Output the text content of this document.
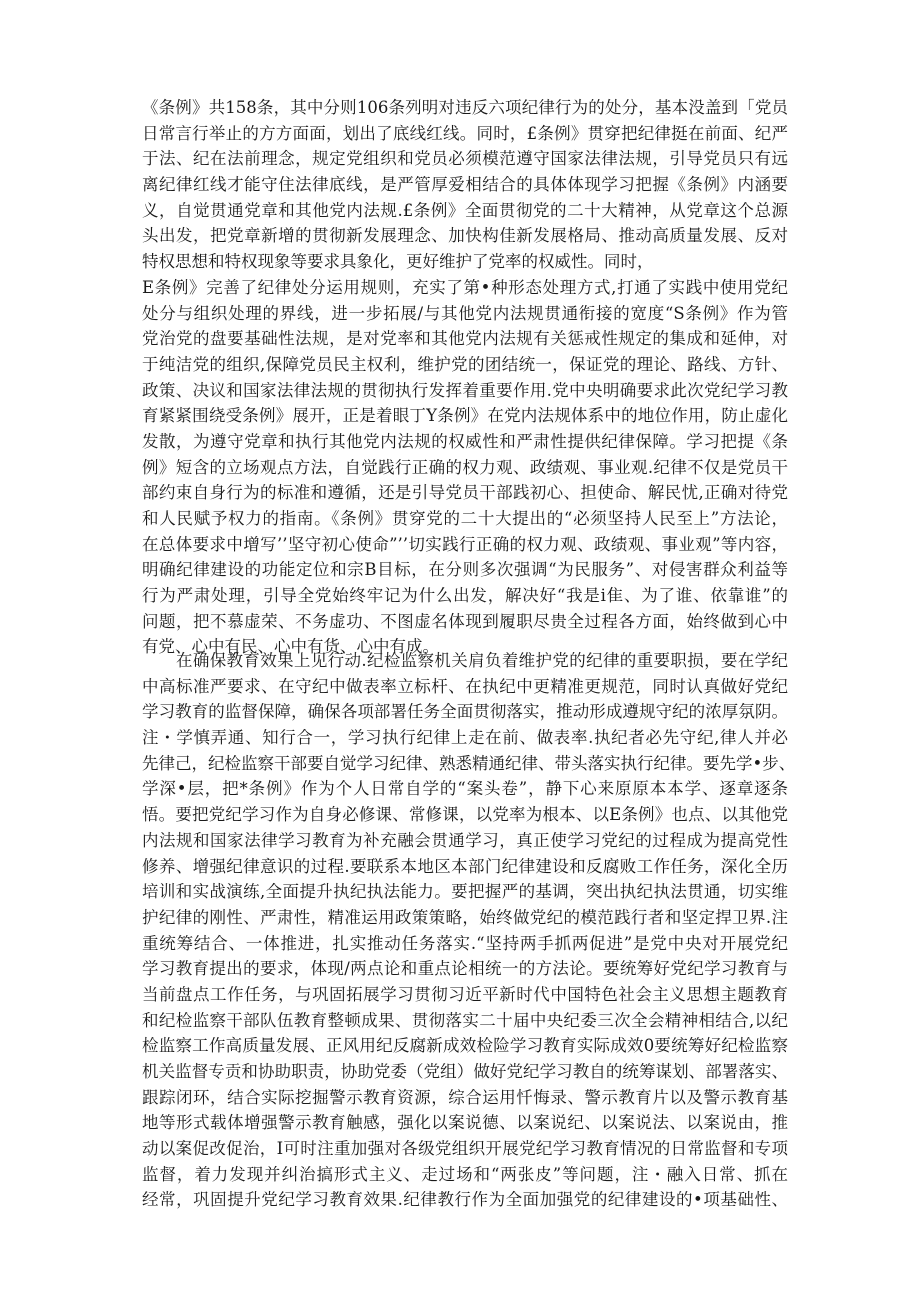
《条例》共158条，其中分则106条列明对违反六项纪律行为的处分，基本没盖到「党员
日常言行举止的方方面面，划出了底线红线。同时，£条例》贯穿把纪律挺在前面、纪严
于法、纪在法前理念，规定党组织和党员必须模范遵守国家法律法规，引导党员只有远
离纪律红线才能守住法律底线，是严管厚爱相结合的具体体现学习把握《条例》内涵要
义，自觉贯通党章和其他党内法规.£条例》全面贯彻党的二十大精神，从党章这个总源
头出发，把党章新增的贯彻新发展理念、加快构佳新发展格局、推动高质量发展、反对
特权思想和特权现象等要求具象化，更好维护了党率的权威性。同时，
E条例》完善了纪律处分运用规则，充实了第•种形态处理方式,打通了实践中使用党纪
处分与组织处理的界线，进一步拓展/与其他党内法规贯通衔接的宽度“S条例》作为管
党治党的盘要基础性法规，是对党率和其他党内法规有关惩戒性规定的集成和延伸，对
于纯洁党的组织,保障党员民主权利，维护党的团结统一，保证党的理论、路线、方针、
政策、决议和国家法律法规的贯彻执行发挥着重要作用.党中央明确要求此次党纪学习教
育紧紧围绕受条例》展开，正是着眼丁Y条例》在党内法规体系中的地位作用，防止虚化
发散，为遵守党章和执行其他党内法规的权威性和严肃性提供纪律保障。学习把提《条
例》短含的立场观点方法，自觉践行正确的权力观、政绩观、事业观.纪律不仅是党员干
部约束自身行为的标准和遵循，还是引导党员干部践初心、担使命、解民忧,正确对待党
和人民赋予权力的指南。《条例》贯穿党的二十大提出的“必须坚持人民至上”方法论，
在总体要求中增写’’坚守初心使命”’’切实践行正确的权力观、政绩观、事业观”等内容，
明确纪律建设的功能定位和宗B目标，在分则多次强调“为民服务”、对侵害群众利益等
行为严肃处理，引导全党始终牢记为什么出发，解决好“我是i隹、为了谁、依靠谁”的
问题，把不慕虚荣、不务虚功、不图虚名体现到履职尽贵全过程各方面，始终做到心中
有党、心中有民、心中有货、心中有成。
在确保教育效果上见行动.纪检监察机关肩负着维护党的纪律的重要职损，要在学纪
中高标准严要求、在守纪中做表率立标杆、在执纪中更精准更规范，同时认真做好党纪
学习教育的监督保障，确保各项部署任务全面贯彻落实，推动形成遵规守纪的浓厚氛阴。
注・学慎弄通、知行合一，学习执行纪律上走在前、做表率.执纪者必先守纪,律人并必
先律己，纪检监察干部要自觉学习纪律、熟悉精通纪律、带头落实执行纪律。要先学•步、
学深•层，把*条例》作为个人日常自学的“案头卷”，静下心来原原本本学、逐章逐条
悟。要把党纪学习作为自身必修课、常修课，以党率为根本、以E条例》也点、以其他党
内法规和国家法律学习教育为补充融会贯通学习，真正使学习党纪的过程成为提高党性
修养、增强纪律意识的过程.要联系本地区本部门纪律建设和反腐败工作任务，深化全历
培训和实战演练,全面提升执纪执法能力。要把握严的基调，突出执纪执法贯通，切实维
护纪律的刚性、严肃性，精准运用政策策略，始终做党纪的模范践行者和坚定捍卫界.注
重统筹结合、一体推进，扎实推动任务落实.“坚持两手抓两促进”是党中央对开展党纪
学习教育提出的要求，体现/两点论和重点论相统一的方法论。要统筹好党纪学习教育与
当前盘点工作任务，与巩固拓展学习贯彻习近平新时代中国特色社会主义思想主题教育
和纪检监察干部队伍教育整顿成果、贯彻落实二十届中央纪委三次全会精神相结合,以纪
检监察工作高质量发展、正风用纪反腐新成效检险学习教育实际成效0要统筹好纪检监察
机关监督专贡和协助职责，协助党委（党组）做好党纪学习教自的统筹谋划、部署落实、
跟踪闭环，结合实际挖掘警示教育资源，综合运用忏悔录、警示教育片以及警示教育基
地等形式载体增强警示教育触感，强化以案说德、以案说纪、以案说法、以案说由，推
动以案促改促治，I可时注重加强对各级党组织开展党纪学习教育情况的日常监督和专项
监督，着力发现并纠治搞形式主义、走过场和“两张皮”等问题，注・融入日常、抓在
经常，巩固提升党纪学习教育效果.纪律教行作为全面加强党的纪律建设的•项基础性、
